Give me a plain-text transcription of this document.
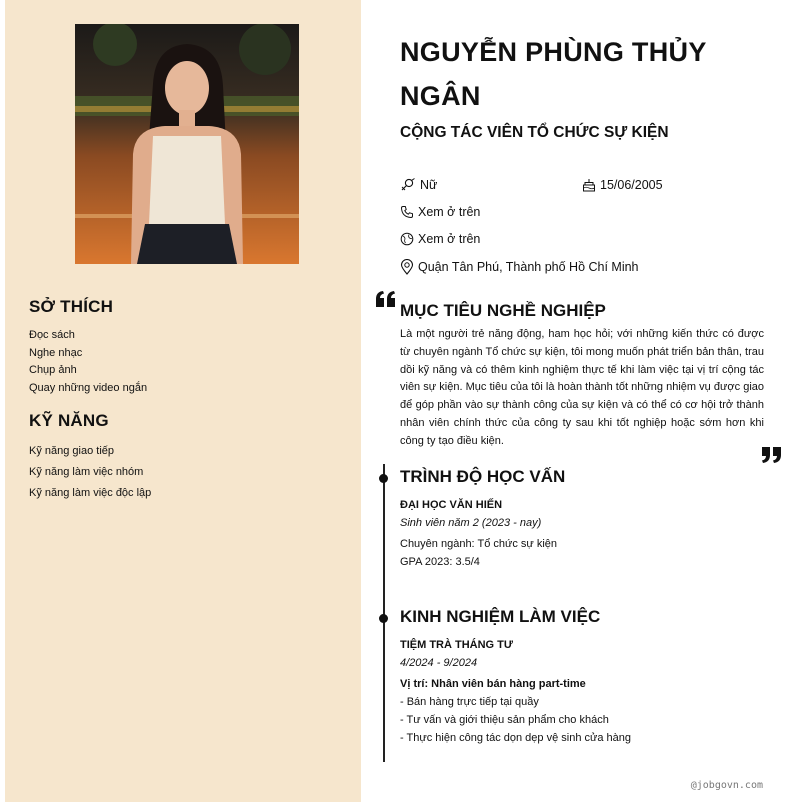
SỞ THÍCH
Đọc sách
Nghe nhạc
Chụp ảnh
Quay những video ngắn
KỸ NĂNG
Kỹ năng giao tiếp
Kỹ năng làm việc nhóm
Kỹ năng làm việc độc lập
NGUYỄN PHÙNG THỦY NGÂN
CỘNG TÁC VIÊN TỔ CHỨC SỰ KIỆN
Nữ	15/06/2005
Xem ở trên
Xem ở trên
Quận Tân Phú, Thành phố Hồ Chí Minh
MỤC TIÊU NGHỀ NGHIỆP
Là một người trẻ năng động, ham học hỏi; với những kiến thức có được từ chuyên ngành Tổ chức sự kiện, tôi mong muốn phát triển bản thân, trau dồi kỹ năng và có thêm kinh nghiệm thực tế khi làm việc tại vị trí cộng tác viên sự kiện. Mục tiêu của tôi là hoàn thành tốt những nhiệm vụ được giao để góp phần vào sự thành công của sự kiện và có thể có cơ hội trở thành nhân viên chính thức của công ty sau khi tốt nghiệp hoặc sớm hơn khi công ty tạo điều kiện.
TRÌNH ĐỘ HỌC VẤN
ĐẠI HỌC VĂN HIẾN
Sinh viên năm 2 (2023 - nay)
Chuyên ngành: Tổ chức sự kiện
GPA 2023: 3.5/4
KINH NGHIỆM LÀM VIỆC
TIỆM TRÀ THÁNG TƯ
4/2024 - 9/2024
Vị trí: Nhân viên bán hàng part-time
- Bán hàng trực tiếp tại quầy
- Tư vấn và giới thiệu sản phẩm cho khách
- Thực hiện công tác dọn dẹp vệ sinh cửa hàng
@jobgovn.com
